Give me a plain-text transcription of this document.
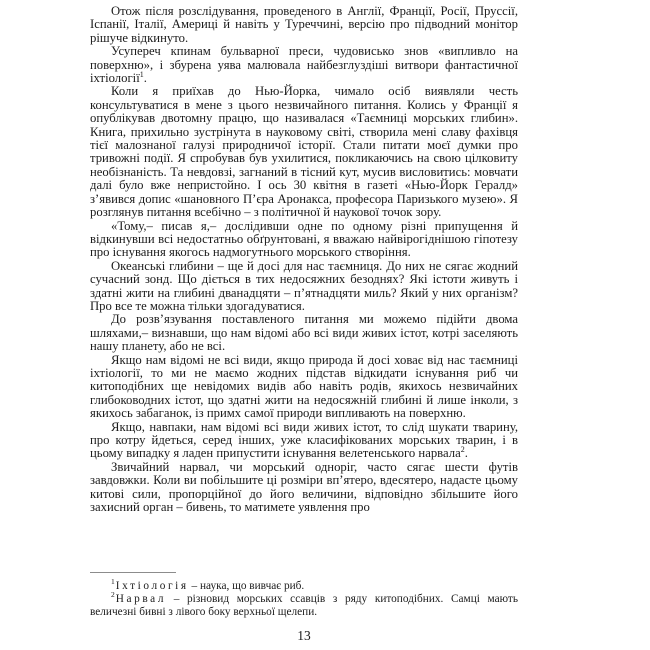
Отож після розслідування, проведеного в Англії, Франції, Росії, Пруссії, Іспанії, Італії, Америці й навіть у Туреччині, версію про підводний монітор рішуче відкинуто.

Усупереч кпинам бульварної преси, чудовисько знов «випливло на поверхню», і збурена уява малювала найбезглуздіші витвори фантастичної іхтіології$^1$.

Коли я приїхав до Нью-Йорка, чимало осіб виявляли честь консультуватися в мене з цього незвичайного питання. Колись у Франції я опублікував двотомну працю, що називалася «Таємниці морських глибин». Книга, прихильно зустрінута в науковому світі, створила мені славу фахівця тієї малознаної галузі природничої історії. Стали питати моєї думки про тривожні події. Я спробував був ухилитися, покликаючись на свою цілковиту необізнаність. Та невдовзі, загнаний в тісний кут, мусив висловитись: мовчати далі було вже непристойно. І ось 30 квітня в газеті «Нью-Йорк Гералд» з’явився допис «шановного П’єра Аронакса, професора Паризького музею». Я розглянув питання всебічно – з політичної й наукової точок зору.

«Тому,– писав я,– дослідивши одне по одному різні припущення й відкинувши всі недостатньо обґрунтовані, я вважаю найвірогіднішою гіпотезу про існування якогось надмогутнього морського створіння.

Океанські глибини – ще й досі для нас таємниця. До них не сягає жодний сучасний зонд. Що діється в тих недосяжних безоднях? Які істоти живуть і здатні жити на глибині дванадцяти – п’ятнадцяти миль? Який у них організм? Про все те можна тільки здогадуватися.

До розв’язування поставленого питання ми можемо підійти двома шляхами,– визнавши, що нам відомі або всі види живих істот, котрі заселяють нашу планету, або не всі.

Якщо нам відомі не всі види, якщо природа й досі ховає від нас таємниці іхтіології, то ми не маємо жодних підстав відкидати існування риб чи китоподібних ще невідомих видів або навіть родів, якихось незвичайних глибоководних істот, що здатні жити на недосяжній глибині й лише інколи, з якихось забаганок, із примх самої природи випливають на поверхню.

Якщо, навпаки, нам відомі всі види живих істот, то слід шукати тварину, про котру йдеться, серед інших, уже класифікованих морських тварин, і в цьому випадку я ладен припустити існування велетенського нарвала$^2$.

Звичайний нарвал, чи морський одноріг, часто сягає шести футів завдовжки. Коли ви побільшите ці розміри вп’ятеро, вдесятеро, надасте цьому китові сили, пропорційної до його величини, відповідно збільшите його захисний орган – бивень, то матимете уявлення про

$^1$Іхтіологія – наука, що вивчає риб.

$^2$Нарвал – різновид морських ссавців з ряду китоподібних. Самці мають величезні бивні з лівого боку верхньої щелепи.

13
